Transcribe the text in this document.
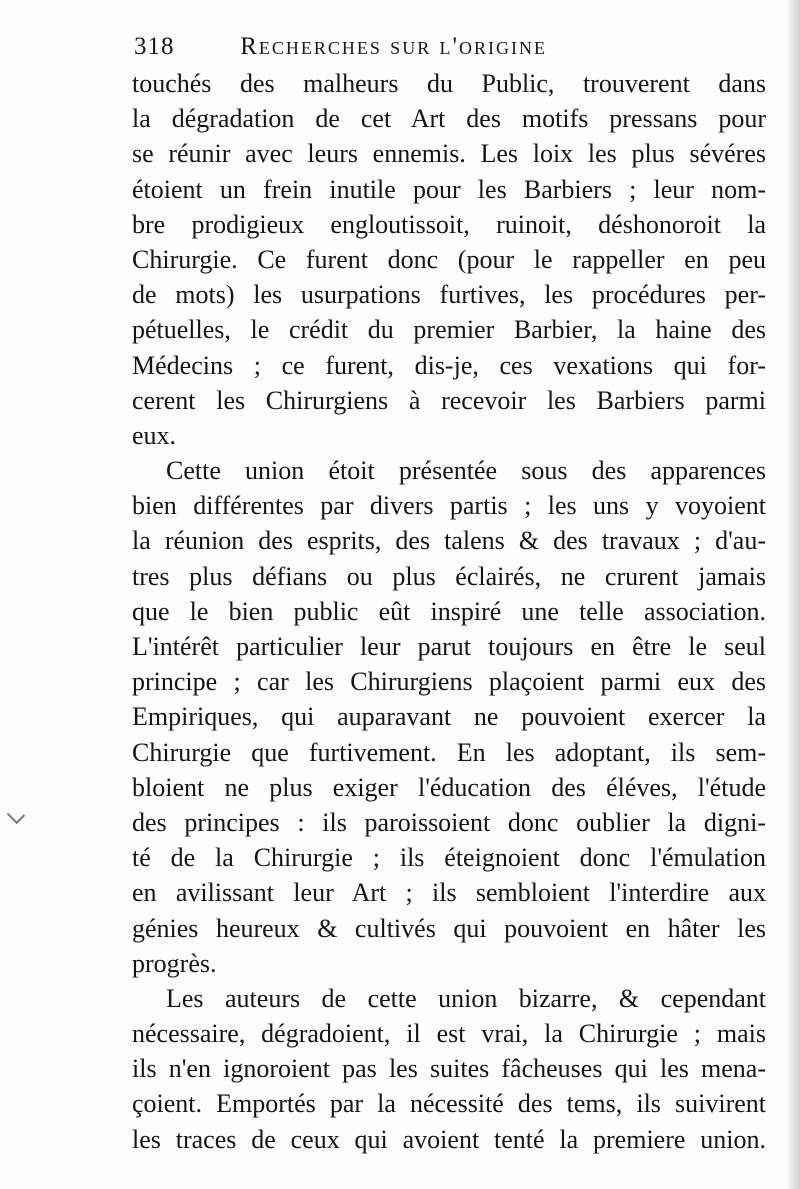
318	Recherches sur l'origine
touchés des malheurs du Public, trouverent dans
la dégradation de cet Art des motifs pressans pour
se réunir avec leurs ennemis. Les loix les plus sévéres
étoient un frein inutile pour les Barbiers ; leur nom-
bre prodigieux engloutissoit, ruinoit, déshonoroit la
Chirurgie. Ce furent donc (pour le rappeller en peu
de mots) les usurpations furtives, les procédures per-
pétuelles, le crédit du premier Barbier, la haine des
Médecins ; ce furent, dis-je, ces vexations qui for-
cerent les Chirurgiens à recevoir les Barbiers parmi
eux.
Cette union étoit présentée sous des apparences
bien différentes par divers partis ; les uns y voyoient
la réunion des esprits, des talens & des travaux ; d'au-
tres plus défians ou plus éclairés, ne crurent jamais
que le bien public eût inspiré une telle association.
L'intérêt particulier leur parut toujours en être le seul
principe ; car les Chirurgiens plaçoient parmi eux des
Empiriques, qui auparavant ne pouvoient exercer la
Chirurgie que furtivement. En les adoptant, ils sem-
bloient ne plus exiger l'éducation des éléves, l'étude
des principes : ils paroissoient donc oublier la digni-
té de la Chirurgie ; ils éteignoient donc l'émulation
en avilissant leur Art ; ils sembloient l'interdire aux
génies heureux & cultivés qui pouvoient en hâter les
progrès.
Les auteurs de cette union bizarre, & cependant
nécessaire, dégradoient, il est vrai, la Chirurgie ; mais
ils n'en ignoroient pas les suites fâcheuses qui les mena-
çoient. Emportés par la nécessité des tems, ils suivirent
les traces de ceux qui avoient tenté la premiere union.
